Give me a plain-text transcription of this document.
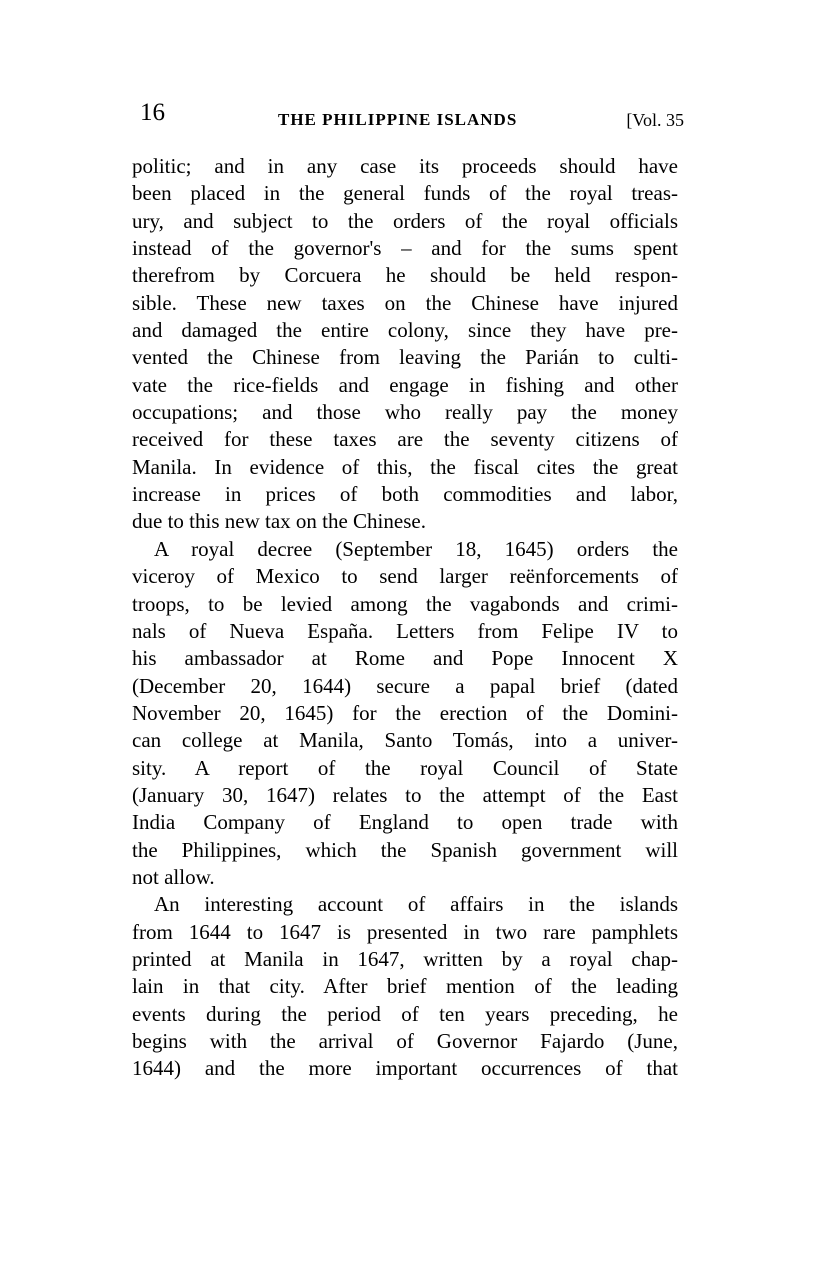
16	THE PHILIPPINE ISLANDS	[Vol. 35
politic; and in any case its proceeds should have
been placed in the general funds of the royal treas-
ury, and subject to the orders of the royal officials
instead of the governor's – and for the sums spent
therefrom by Corcuera he should be held respon-
sible. These new taxes on the Chinese have injured
and damaged the entire colony, since they have pre-
vented the Chinese from leaving the Parián to culti-
vate the rice-fields and engage in fishing and other
occupations; and those who really pay the money
received for these taxes are the seventy citizens of
Manila. In evidence of this, the fiscal cites the great
increase in prices of both commodities and labor,
due to this new tax on the Chinese.
A royal decree (September 18, 1645) orders the
viceroy of Mexico to send larger reënforcements of
troops, to be levied among the vagabonds and crimi-
nals of Nueva España. Letters from Felipe IV to
his ambassador at Rome and Pope Innocent X
(December 20, 1644) secure a papal brief (dated
November 20, 1645) for the erection of the Domini-
can college at Manila, Santo Tomás, into a univer-
sity. A report of the royal Council of State
(January 30, 1647) relates to the attempt of the East
India Company of England to open trade with
the Philippines, which the Spanish government will
not allow.
An interesting account of affairs in the islands
from 1644 to 1647 is presented in two rare pamphlets
printed at Manila in 1647, written by a royal chap-
lain in that city. After brief mention of the leading
events during the period of ten years preceding, he
begins with the arrival of Governor Fajardo (June,
1644) and the more important occurrences of that
